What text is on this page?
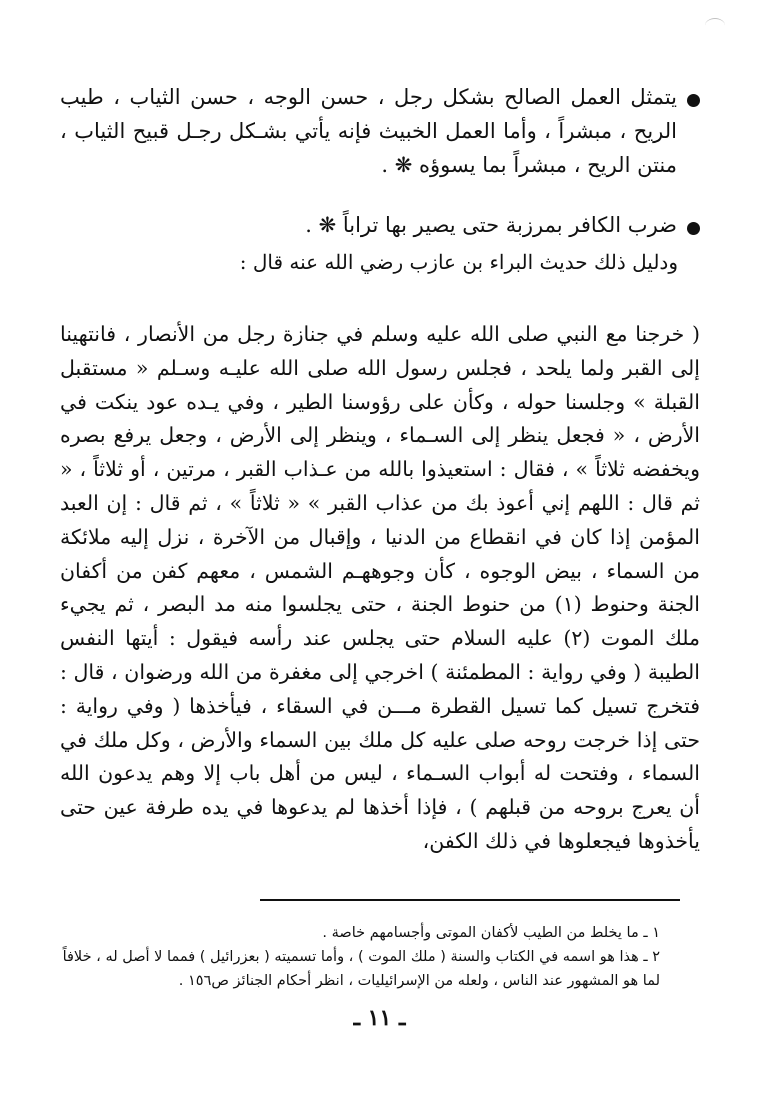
يتمثل العمل الصالح بشكل رجل ، حسن الوجه ، حسن الثياب ، طيب الريح ، مبشراً ، وأما العمل الخبيث فإنه يأتي بشـكل رجـل قبيح الثياب ، منتن الريح ، مبشراً بما يسوؤه ❋ .
ضرب الكافر بمرزبة حتى يصير بها تراباً ❋ .
ودليل ذلك حديث البراء بن عازب رضي الله عنه قال :
( خرجنا مع النبي صلى الله عليه وسلم في جنازة رجل من الأنصار ، فانتهينا إلى القبر ولما يلحد ، فجلس رسول الله صلى الله عليـه وسـلم « مستقبل القبلة » وجلسنا حوله ، وكأن على رؤوسنا الطير ، وفي يـده عود ينكت في الأرض ، « فجعل ينظر إلى السـماء ، وينظر إلى الأرض ، وجعل يرفع بصره ويخفضه ثلاثاً » ، فقال : استعيذوا بالله من عـذاب القبر ، مرتين ، أو ثلاثاً ، « ثم قال : اللهم إني أعوذ بك من عذاب القبر » « ثلاثاً » ، ثم قال : إن العبد المؤمن إذا كان في انقطاع من الدنيا ، وإقبال من الآخرة ، نزل إليه ملائكة من السماء ، بيض الوجوه ، كأن وجوههـم الشمس ، معهم كفن من أكفان الجنة وحنوط (١) من حنوط الجنة ، حتى يجلسوا منه مد البصر ، ثم يجيء ملك الموت (٢) عليه السلام حتى يجلس عند رأسه فيقول : أيتها النفس الطيبة ( وفي رواية : المطمئنة ) اخرجي إلى مغفرة من الله ورضوان ، قال : فتخرج تسيل كما تسيل القطرة مـــن في السقاء ، فيأخذها ( وفي رواية : حتى إذا خرجت روحه صلى عليه كل ملك بين السماء والأرض ، وكل ملك في السماء ، وفتحت له أبواب السـماء ، ليس من أهل باب إلا وهم يدعون الله أن يعرج بروحه من قبلهم ) ، فإذا أخذها لم يدعوها في يده طرفة عين حتى يأخذوها فيجعلوها في ذلك الكفن،

١ ـ ما يخلط من الطيب لأكفان الموتى وأجسامهم خاصة .

٢ ـ هذا هو اسمه في الكتاب والسنة ( ملك الموت ) ، وأما تسميته ( بعزرائيل ) فمما لا أصل له ، خلافاً لما هو المشهور عند الناس ، ولعله من الإسرائيليات ، انظر أحكام الجنائز ص١٥٦ .

ـ ١١ ـ
